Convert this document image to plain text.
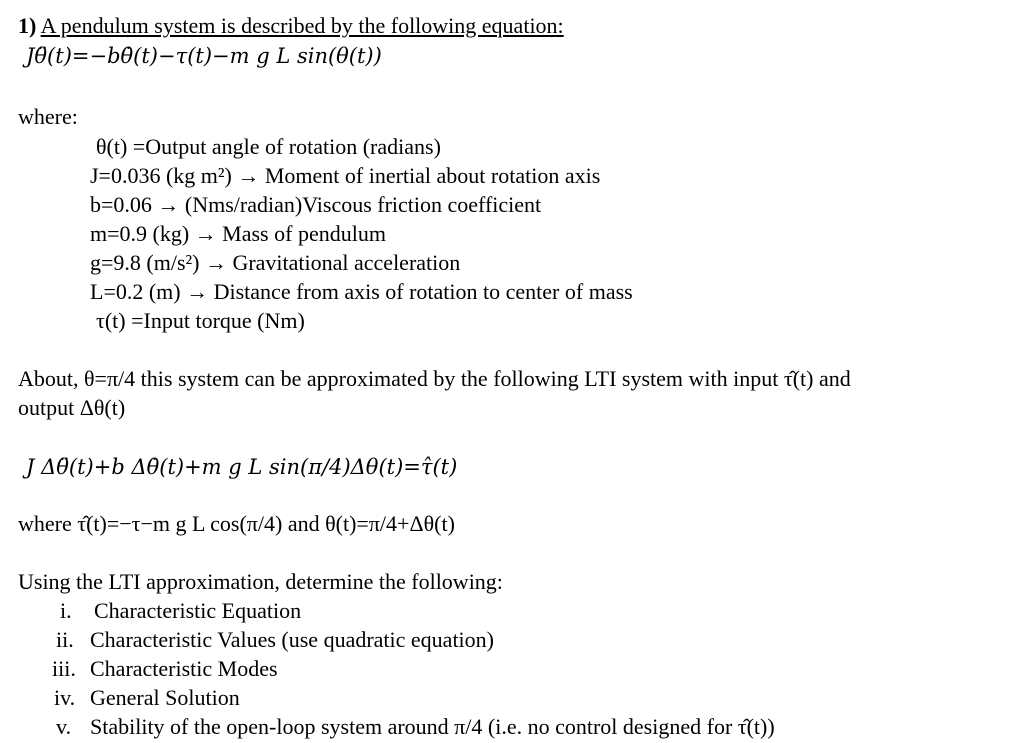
1) A pendulum system is described by the following equation:
Jθ̈(t)=−bθ̇(t)−τ(t)−m g L sin(θ(t))
where:
θ(t) =Output angle of rotation (radians)
J=0.036 (kg m²) → Moment of inertial about rotation axis
b=0.06 → (Nms/radian)Viscous friction coefficient
m=0.9 (kg) → Mass of pendulum
g=9.8 (m/s²) → Gravitational acceleration
L=0.2 (m) → Distance from axis of rotation to center of mass
τ(t) =Input torque (Nm)
About, θ=π/4 this system can be approximated by the following LTI system with input τ̂(t) and
output Δθ(t)
J Δθ̈(t)+b Δθ̇(t)+m g L sin(π/4)Δθ(t)=τ̂(t)
where τ̂(t)=−τ−m g L cos(π/4) and θ(t)=π/4+Δθ(t)
Using the LTI approximation, determine the following:
i. Characteristic Equation
ii. Characteristic Values (use quadratic equation)
iii. Characteristic Modes
iv. General Solution
v. Stability of the open-loop system around π/4 (i.e. no control designed for τ̂(t))
